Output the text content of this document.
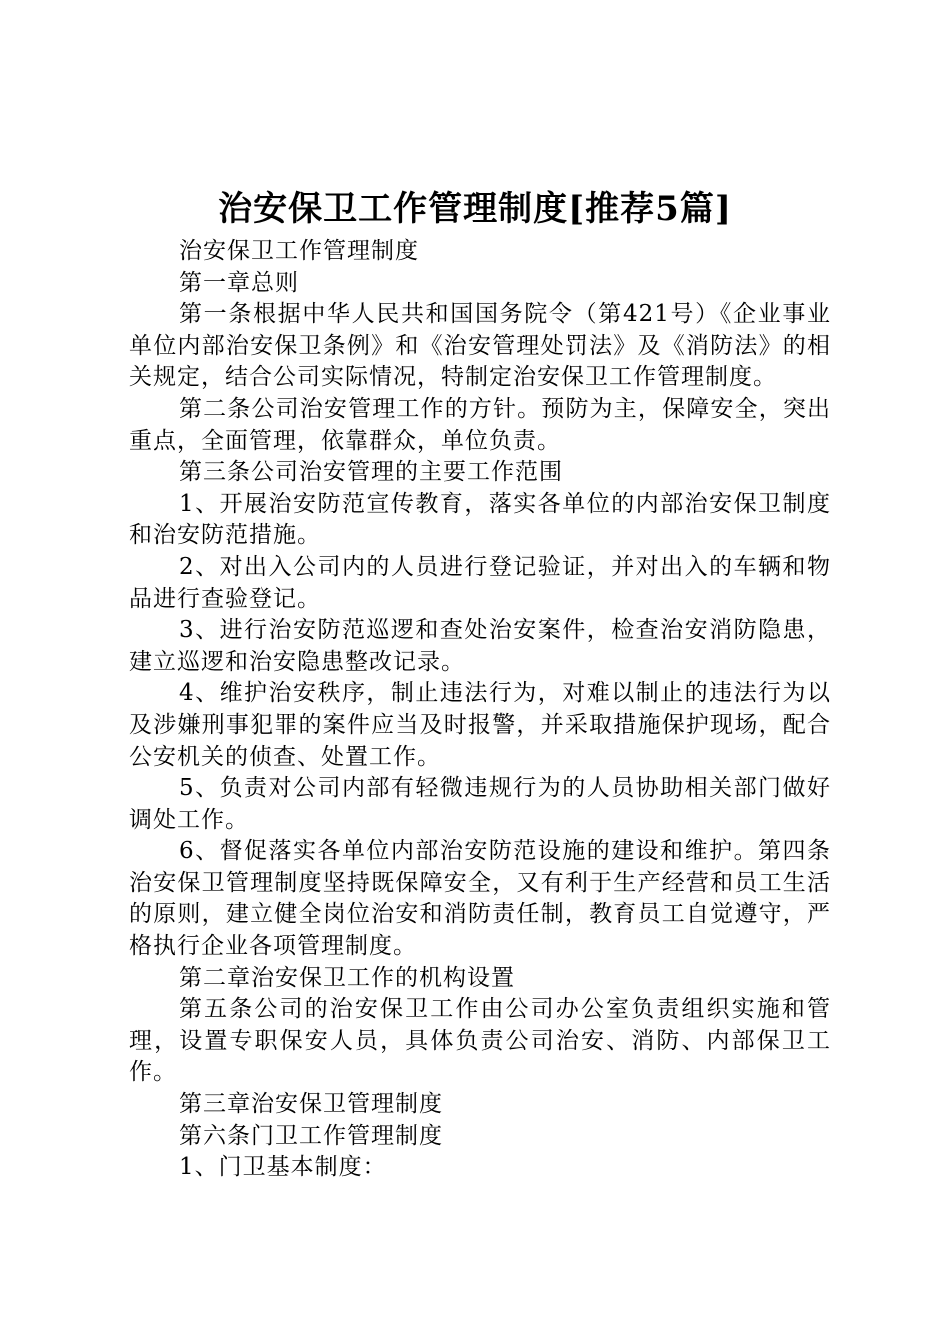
治安保卫工作管理制度[推荐5篇]

治安保卫工作管理制度

第一章总则

第一条根据中华人民共和国国务院令（第421号）《企业事业单位内部治安保卫条例》和《治安管理处罚法》及《消防法》的相关规定，结合公司实际情况，特制定治安保卫工作管理制度。

第二条公司治安管理工作的方针。预防为主，保障安全，突出重点，全面管理，依靠群众，单位负责。

第三条公司治安管理的主要工作范围

1、开展治安防范宣传教育，落实各单位的内部治安保卫制度和治安防范措施。

2、对出入公司内的人员进行登记验证，并对出入的车辆和物品进行查验登记。

3、进行治安防范巡逻和查处治安案件，检查治安消防隐患，建立巡逻和治安隐患整改记录。

4、维护治安秩序，制止违法行为，对难以制止的违法行为以及涉嫌刑事犯罪的案件应当及时报警，并采取措施保护现场，配合公安机关的侦查、处置工作。

5、负责对公司内部有轻微违规行为的人员协助相关部门做好调处工作。

6、督促落实各单位内部治安防范设施的建设和维护。第四条治安保卫管理制度坚持既保障安全，又有利于生产经营和员工生活的原则，建立健全岗位治安和消防责任制，教育员工自觉遵守，严格执行企业各项管理制度。

第二章治安保卫工作的机构设置

第五条公司的治安保卫工作由公司办公室负责组织实施和管理，设置专职保安人员，具体负责公司治安、消防、内部保卫工作。

第三章治安保卫管理制度

第六条门卫工作管理制度

1、门卫基本制度：
